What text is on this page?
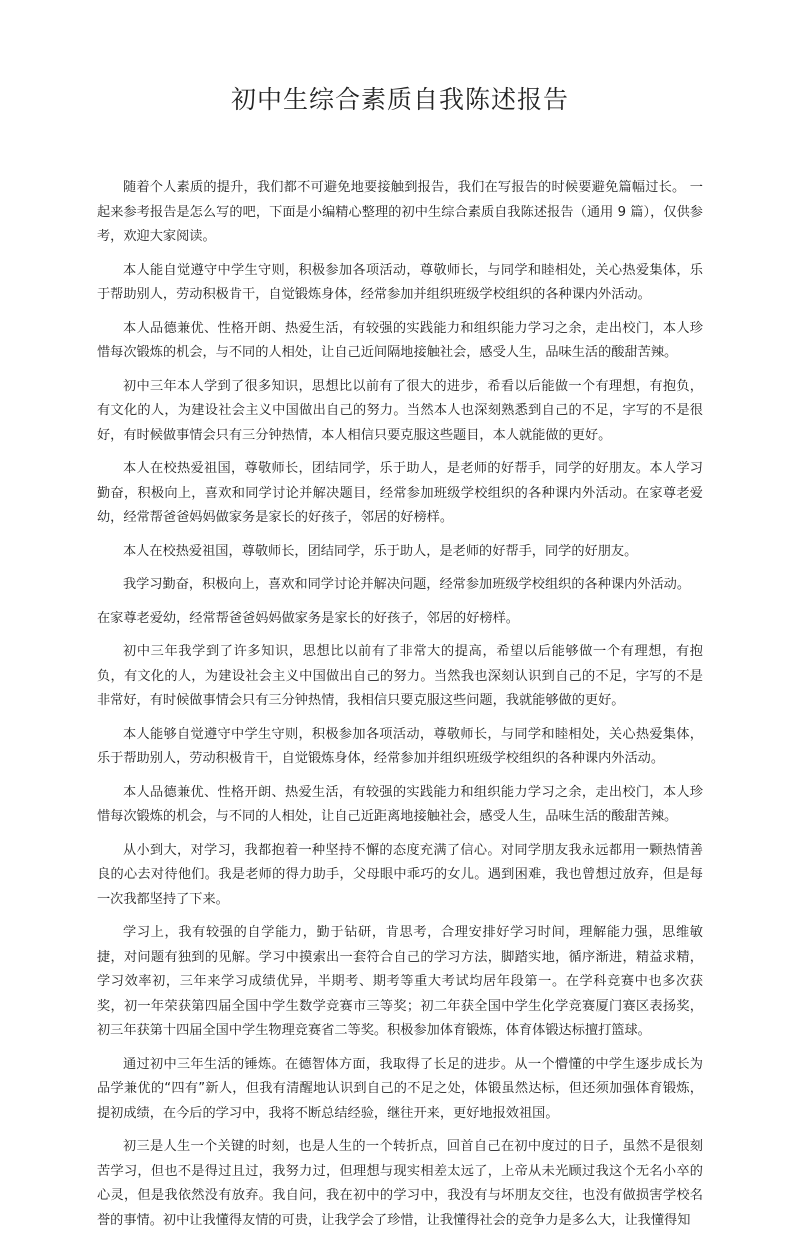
初中生综合素质自我陈述报告

随着个人素质的提升，我们都不可避免地要接触到报告，我们在写报告的时候要避免篇幅过长。 一起来参考报告是怎么写的吧，下面是小编精心整理的初中生综合素质自我陈述报告（通用 9 篇），仅供参考，欢迎大家阅读。

本人能自觉遵守中学生守则，积极参加各项活动，尊敬师长，与同学和睦相处，关心热爱集体，乐于帮助别人，劳动积极肯干，自觉锻炼身体，经常参加并组织班级学校组织的各种课内外活动。

本人品德兼优、性格开朗、热爱生活，有较强的实践能力和组织能力学习之余，走出校门，本人珍惜每次锻炼的机会，与不同的人相处，让自己近间隔地接触社会，感受人生，品味生活的酸甜苦辣。

初中三年本人学到了很多知识，思想比以前有了很大的进步，希看以后能做一个有理想，有抱负，有文化的人，为建设社会主义中国做出自己的努力。当然本人也深刻熟悉到自己的不足，字写的不是很好，有时候做事情会只有三分钟热情，本人相信只要克服这些题目，本人就能做的更好。

本人在校热爱祖国，尊敬师长，团结同学，乐于助人，是老师的好帮手，同学的好朋友。本人学习勤奋，积极向上，喜欢和同学讨论并解决题目，经常参加班级学校组织的各种课内外活动。在家尊老爱幼，经常帮爸爸妈妈做家务是家长的好孩子，邻居的好榜样。

本人在校热爱祖国，尊敬师长，团结同学，乐于助人，是老师的好帮手，同学的好朋友。

我学习勤奋，积极向上，喜欢和同学讨论并解决问题，经常参加班级学校组织的各种课内外活动。

在家尊老爱幼，经常帮爸爸妈妈做家务是家长的好孩子，邻居的好榜样。

初中三年我学到了许多知识，思想比以前有了非常大的提高，希望以后能够做一个有理想，有抱负，有文化的人，为建设社会主义中国做出自己的努力。当然我也深刻认识到自己的不足，字写的不是非常好，有时候做事情会只有三分钟热情，我相信只要克服这些问题，我就能够做的更好。

本人能够自觉遵守中学生守则，积极参加各项活动，尊敬师长，与同学和睦相处，关心热爱集体，乐于帮助别人，劳动积极肯干，自觉锻炼身体，经常参加并组织班级学校组织的各种课内外活动。

本人品德兼优、性格开朗、热爱生活，有较强的实践能力和组织能力学习之余，走出校门，本人珍惜每次锻炼的机会，与不同的人相处，让自己近距离地接触社会，感受人生，品味生活的酸甜苦辣。

从小到大，对学习，我都抱着一种坚持不懈的态度充满了信心。对同学朋友我永远都用一颗热情善良的心去对待他们。我是老师的得力助手，父母眼中乖巧的女儿。遇到困难，我也曾想过放弃，但是每一次我都坚持了下来。

学习上，我有较强的自学能力，勤于钻研，肯思考，合理安排好学习时间，理解能力强，思维敏捷，对问题有独到的见解。学习中摸索出一套符合自己的学习方法，脚踏实地，循序渐进，精益求精，学习效率初，三年来学习成绩优异，半期考、期考等重大考试均居年段第一。在学科竞赛中也多次获奖，初一年荣获第四届全国中学生数学竞赛市三等奖；初二年获全国中学生化学竞赛厦门赛区表扬奖，初三年获第十四届全国中学生物理竞赛省二等奖。积极参加体育锻炼，体育体锻达标擅打篮球。

通过初中三年生活的锤炼。在德智体方面，我取得了长足的进步。从一个懵懂的中学生逐步成长为品学兼优的“四有”新人，但我有清醒地认识到自己的不足之处，体锻虽然达标，但还须加强体育锻炼，提初成绩，在今后的学习中，我将不断总结经验，继往开来，更好地报效祖国。

初三是人生一个关键的时刻，也是人生的一个转折点，回首自己在初中度过的日子，虽然不是很刻苦学习，但也不是得过且过，我努力过，但理想与现实相差太远了，上帝从未光顾过我这个无名小卒的心灵，但是我依然没有放弃。我自问，我在初中的学习中，我没有与坏朋友交往，也没有做损害学校名誉的事情。初中让我懂得友情的可贵，让我学会了珍惜，让我懂得社会的竞争力是多么大，让我懂得知
